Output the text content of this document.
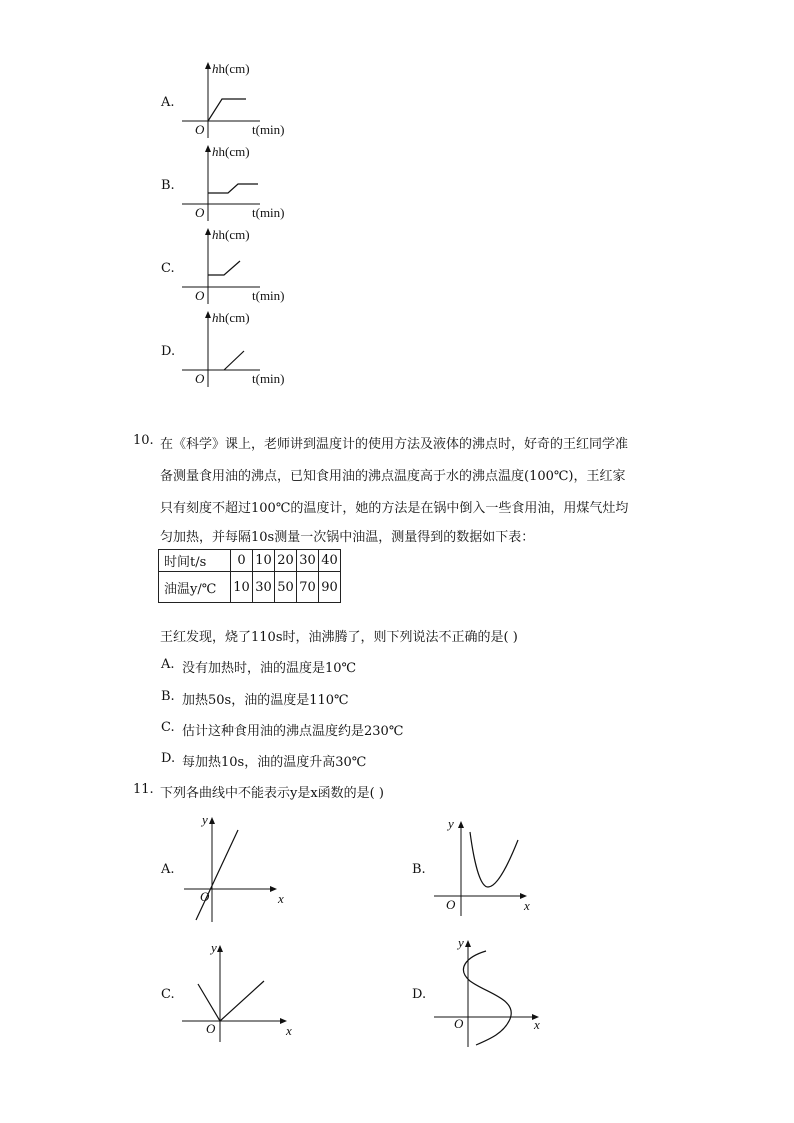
A.
hh(cm)
O	t(min)
B.
hh(cm)
O	t(min)
C.
hh(cm)
O	t(min)
D.
hh(cm)
O	t(min)
10. 在《科学》课上，老师讲到温度计的使用方法及液体的沸点时，好奇的王红同学准
备测量食用油的沸点，已知食用油的沸点温度高于水的沸点温度(100℃)，王红家
只有刻度不超过100℃的温度计，她的方法是在锅中倒入一些食用油，用煤气灶均
匀加热，并每隔10s测量一次锅中油温，测量得到的数据如下表：
时间t/s	0	10	20	30	40
油温y/℃	10	30	50	70	90
王红发现，烧了110s时，油沸腾了，则下列说法不正确的是( )
A. 没有加热时，油的温度是10℃
B. 加热50s，油的温度是110℃
C. 估计这种食用油的沸点温度约是230℃
D. 每加热10s，油的温度升高30℃
11. 下列各曲线中不能表示y是x函数的是( )
A.
y
O	x
B.
y
O	x
C.
y
O	x
D.
y
O	x
